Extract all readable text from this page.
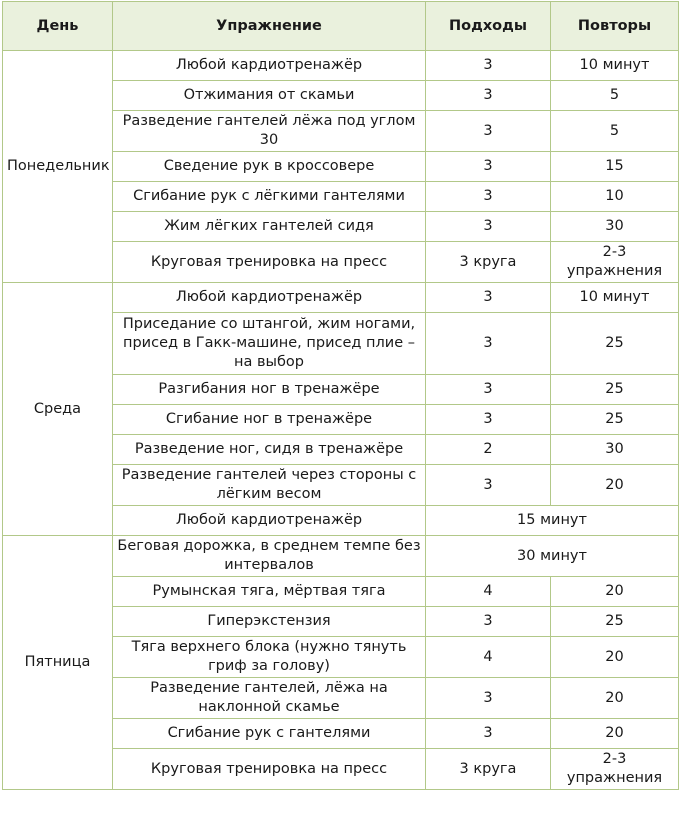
День	Упражнение	Подходы	Повторы
Понедельник	Любой кардиотренажёр	3	10 минут
	Отжимания от скамьи	3	5
	Разведение гантелей лёжа под углом 30	3	5
	Сведение рук в кроссовере	3	15
	Сгибание рук с лёгкими гантелями	3	10
	Жим лёгких гантелей сидя	3	30
	Круговая тренировка на пресс	3 круга	2-3 упражнения
Среда	Любой кардиотренажёр	3	10 минут
	Приседание со штангой, жим ногами, присед в Гакк-машине, присед плие – на выбор	3	25
	Разгибания ног в тренажёре	3	25
	Сгибание ног в тренажёре	3	25
	Разведение ног, сидя в тренажёре	2	30
	Разведение гантелей через стороны с лёгким весом	3	20
	Любой кардиотренажёр	15 минут	
Пятница	Беговая дорожка, в среднем темпе без интервалов	30 минут	
	Румынская тяга, мёртвая тяга	4	20
	Гиперэкстензия	3	25
	Тяга верхнего блока (нужно тянуть гриф за голову)	4	20
	Разведение гантелей, лёжа на наклонной скамье	3	20
	Сгибание рук с гантелями	3	20
	Круговая тренировка на пресс	3 круга	2-3 упражнения
